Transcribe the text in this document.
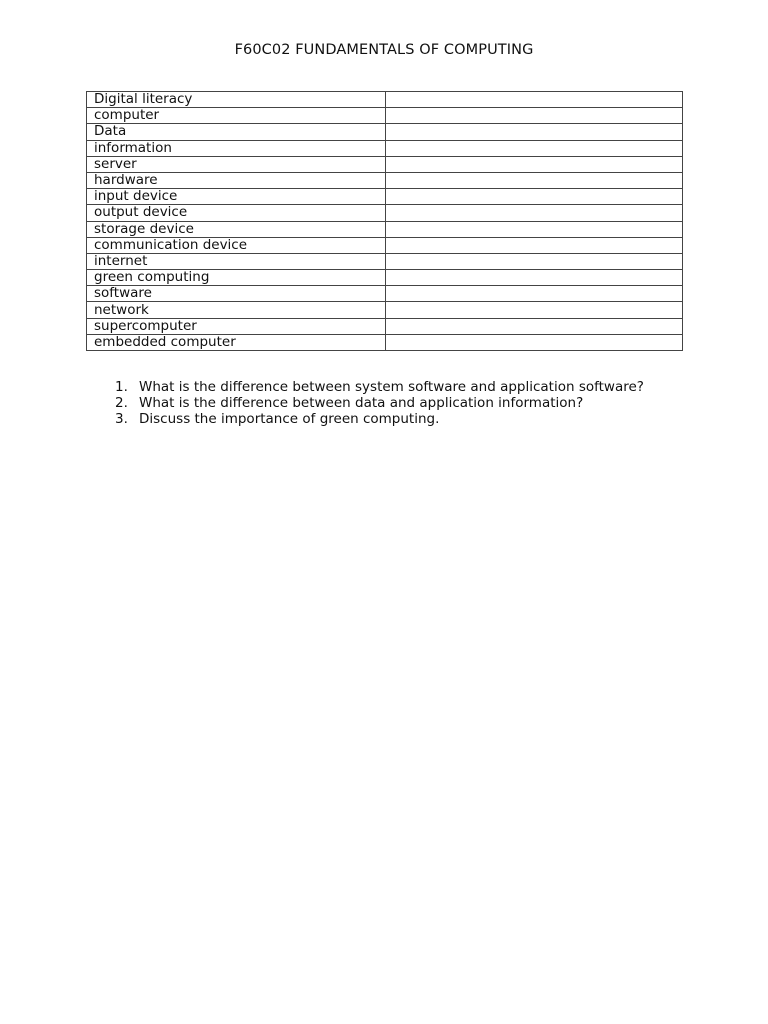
F60C02 FUNDAMENTALS OF COMPUTING
Digital literacy	
computer	
Data	
information	
server	
hardware	
input device	
output device	
storage device	
communication device	
internet	
green computing	
software	
network	
supercomputer	
embedded computer	
1. What is the difference between system software and application software?
2. What is the difference between data and application information?
3. Discuss the importance of green computing.
